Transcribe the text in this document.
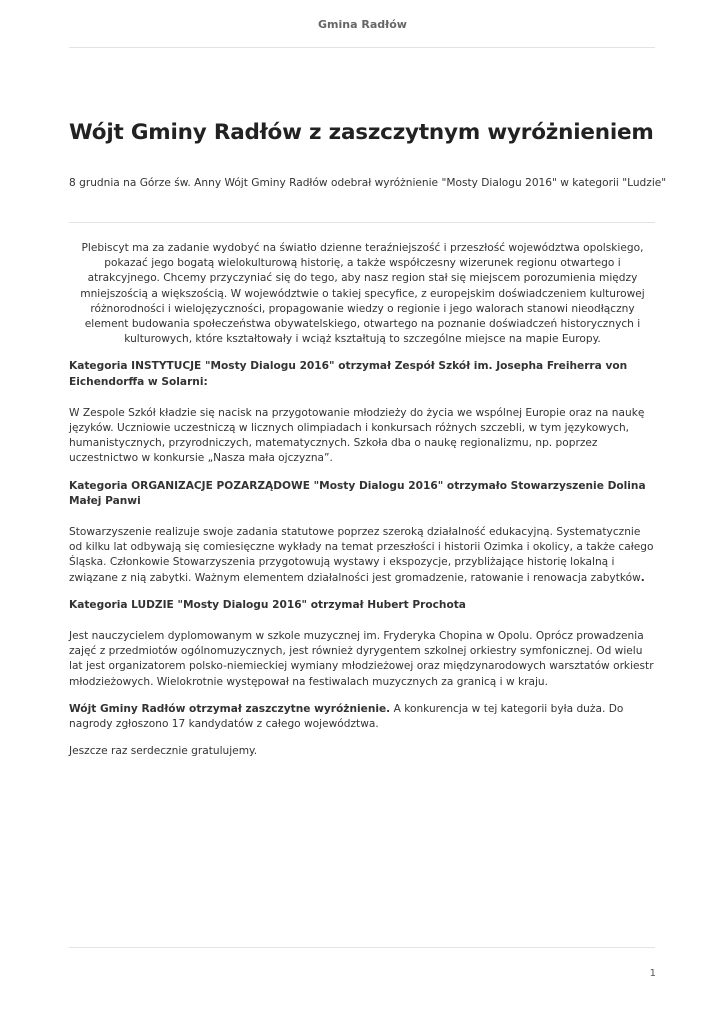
Gmina Radłów
Wójt Gminy Radłów z zaszczytnym wyróżnieniem

8 grudnia na Górze św. Anny Wójt Gminy Radłów odebrał wyróżnienie "Mosty Dialogu 2016" w kategorii "Ludzie"

Plebiscyt ma za zadanie wydobyć na światło dzienne teraźniejszość i przeszłość województwa opolskiego, pokazać jego bogatą wielokulturową historię, a także współczesny wizerunek regionu otwartego i atrakcyjnego. Chcemy przyczyniać się do tego, aby nasz region stał się miejscem porozumienia między mniejszością a większością. W województwie o takiej specyfice, z europejskim doświadczeniem kulturowej różnorodności i wielojęzyczności, propagowanie wiedzy o regionie i jego walorach stanowi nieodłączny element budowania społeczeństwa obywatelskiego, otwartego na poznanie doświadczeń historycznych i kulturowych, które kształtowały i wciąż kształtują to szczególne miejsce na mapie Europy.

Kategoria INSTYTUCJE "Mosty Dialogu 2016" otrzymał Zespół Szkół im. Josepha Freiherra von Eichendorffa w Solarni:

W Zespole Szkół kładzie się nacisk na przygotowanie młodzieży do życia we wspólnej Europie oraz na naukę języków. Uczniowie uczestniczą w licznych olimpiadach i konkursach różnych szczebli, w tym językowych, humanistycznych, przyrodniczych, matematycznych. Szkoła dba o naukę regionalizmu, np. poprzez uczestnictwo w konkursie „Nasza mała ojczyzna”.

Kategoria ORGANIZACJE POZARZĄDOWE "Mosty Dialogu 2016" otrzymało Stowarzyszenie Dolina Małej Panwi

Stowarzyszenie realizuje swoje zadania statutowe poprzez szeroką działalność edukacyjną. Systematycznie od kilku lat odbywają się comiesięczne wykłady na temat przeszłości i historii Ozimka i okolicy, a także całego Śląska. Członkowie Stowarzyszenia przygotowują wystawy i ekspozycje, przybliżające historię lokalną i związane z nią zabytki. Ważnym elementem działalności jest gromadzenie, ratowanie i renowacja zabytków.

Kategoria LUDZIE "Mosty Dialogu 2016" otrzymał Hubert Prochota

Jest nauczycielem dyplomowanym w szkole muzycznej im. Fryderyka Chopina w Opolu. Oprócz prowadzenia zajęć z przedmiotów ogólnomuzycznych, jest również dyrygentem szkolnej orkiestry symfonicznej. Od wielu lat jest organizatorem polsko-niemieckiej wymiany młodzieżowej oraz międzynarodowych warsztatów orkiestr młodzieżowych. Wielokrotnie występował na festiwalach muzycznych za granicą i w kraju.

Wójt Gminy Radłów otrzymał zaszczytne wyróżnienie. A konkurencja w tej kategorii była duża. Do nagrody zgłoszono 17 kandydatów z całego województwa.

Jeszcze raz serdecznie gratulujemy.

1
